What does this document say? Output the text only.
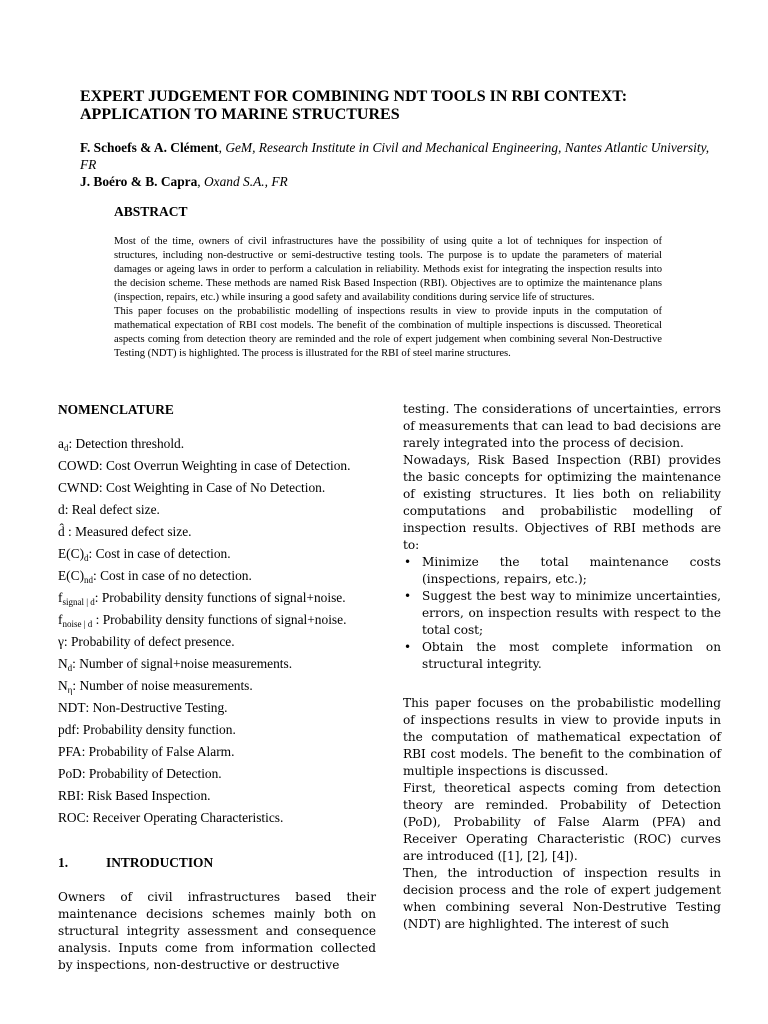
EXPERT JUDGEMENT FOR COMBINING NDT TOOLS IN RBI CONTEXT: APPLICATION TO MARINE STRUCTURES
F. Schoefs & A. Clément, GeM, Research Institute in Civil and Mechanical Engineering, Nantes Atlantic University, FR
J. Boéro & B. Capra, Oxand S.A., FR
ABSTRACT

Most of the time, owners of civil infrastructures have the possibility of using quite a lot of techniques for inspection of structures, including non-destructive or semi-destructive testing tools. The purpose is to update the parameters of material damages or ageing laws in order to perform a calculation in reliability. Methods exist for integrating the inspection results into the decision scheme. These methods are named Risk Based Inspection (RBI). Objectives are to optimize the maintenance plans (inspection, repairs, etc.) while insuring a good safety and availability conditions during service life of structures.

This paper focuses on the probabilistic modelling of inspections results in view to provide inputs in the computation of mathematical expectation of RBI cost models. The benefit of the combination of multiple inspections is discussed. Theoretical aspects coming from detection theory are reminded and the role of expert judgement when combining several Non-Destructive Testing (NDT) is highlighted. The process is illustrated for the RBI of steel marine structures.

NOMENCLATURE
$a_d$: Detection threshold.
COWD: Cost Overrun Weighting in case of Detection.
CWND: Cost Weighting in Case of No Detection.
d: Real defect size.
d̂ : Measured defect size.
$E(C)_d$: Cost in case of detection.
$E(C)_{nd}$: Cost in case of no detection.
$f_{signal | d}$: Probability density functions of signal+noise.
$f_{noise | d}$ : Probability density functions of signal+noise.
γ: Probability of defect presence.
$N_d$: Number of signal+noise measurements.
$N_\eta$: Number of noise measurements.
NDT: Non-Destructive Testing.
pdf: Probability density function.
PFA: Probability of False Alarm.
PoD: Probability of Detection.
RBI: Risk Based Inspection.
ROC: Receiver Operating Characteristics.
1.	INTRODUCTION
Owners of civil infrastructures based their maintenance decisions schemes mainly both on structural integrity assessment and consequence analysis. Inputs come from information collected by inspections, non-destructive or destructive

testing. The considerations of uncertainties, errors of measurements that can lead to bad decisions are rarely integrated into the process of decision.

Nowadays, Risk Based Inspection (RBI) provides the basic concepts for optimizing the maintenance of existing structures. It lies both on reliability computations and probabilistic modelling of inspection results. Objectives of RBI methods are to:

• Minimize the total maintenance costs (inspections, repairs, etc.);
• Suggest the best way to minimize uncertainties, errors, on inspection results with respect to the total cost;
• Obtain the most complete information on structural integrity.

This paper focuses on the probabilistic modelling of inspections results in view to provide inputs in the computation of mathematical expectation of RBI cost models. The benefit to the combination of multiple inspections is discussed.

First, theoretical aspects coming from detection theory are reminded. Probability of Detection (PoD), Probability of False Alarm (PFA) and Receiver Operating Characteristic (ROC) curves are introduced ([1], [2], [4]).

Then, the introduction of inspection results in decision process and the role of expert judgement when combining several Non-Destrutive Testing (NDT) are highlighted. The interest of such
